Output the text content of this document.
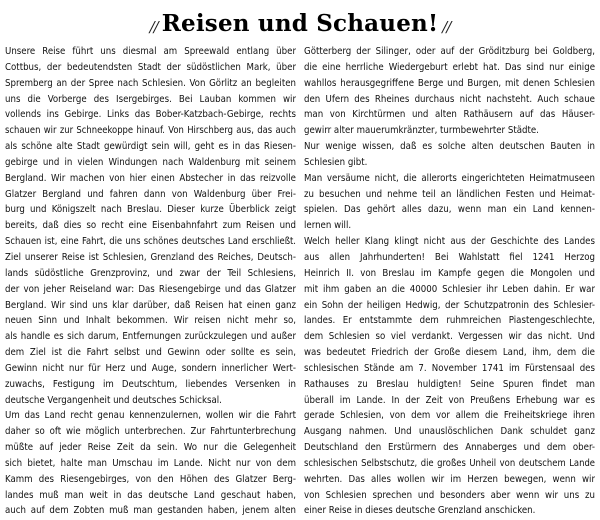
// Reisen und Schauen! //
Unsere Reise führt uns diesmal am Spreewald entlang über
Cottbus, der bedeutendsten Stadt der südöstlichen Mark, über
Spremberg an der Spree nach Schlesien. Von Görlitz an begleiten
uns die Vorberge des Isergebirges. Bei Lauban kommen wir
vollends ins Gebirge. Links das Bober-Katzbach-Gebirge, rechts
schauen wir zur Schneekoppe hinauf. Von Hirschberg aus, das auch
als schöne alte Stadt gewürdigt sein will, geht es in das Riesen-
gebirge und in vielen Windungen nach Waldenburg mit seinem
Bergland. Wir machen von hier einen Abstecher in das reizvolle
Glatzer Bergland und fahren dann von Waldenburg über Frei-
burg und Königszelt nach Breslau. Dieser kurze Überblick zeigt
bereits, daß dies so recht eine Eisenbahnfahrt zum Reisen und
Schauen ist, eine Fahrt, die uns schönes deutsches Land erschließt.
Ziel unserer Reise ist Schlesien, Grenzland des Reiches, Deutsch-
lands südöstliche Grenzprovinz, und zwar der Teil Schlesiens,
der von jeher Reiseland war: Das Riesengebirge und das Glatzer
Bergland. Wir sind uns klar darüber, daß Reisen hat einen ganz
neuen Sinn und Inhalt bekommen. Wir reisen nicht mehr so,
als handle es sich darum, Entfernungen zurückzulegen und außer
dem Ziel ist die Fahrt selbst und Gewinn oder sollte es sein,
Gewinn nicht nur für Herz und Auge, sondern innerlicher Wert-
zuwachs, Festigung im Deutschtum, liebendes Versenken in
deutsche Vergangenheit und deutsches Schicksal.
Um das Land recht genau kennenzulernen, wollen wir die Fahrt
daher so oft wie möglich unterbrechen. Zur Fahrtunterbrechung
müßte auf jeder Reise Zeit da sein. Wo nur die Gelegenheit
sich bietet, halte man Umschau im Lande. Nicht nur von dem
Kamm des Riesengebirges, von den Höhen des Glatzer Berg-
landes muß man weit in das deutsche Land geschaut haben,
auch auf dem Zobten muß man gestanden haben, jenem alten
Götterberg der Silinger, oder auf der Gröditzburg bei Goldberg,
die eine herrliche Wiedergeburt erlebt hat. Das sind nur einige
wahllos herausgegriffene Berge und Burgen, mit denen Schlesien
den Ufern des Rheines durchaus nicht nachsteht. Auch schaue
man von Kirchtürmen und alten Rathäusern auf das Häuser-
gewirr alter mauerumkränzter, turmbewehrter Städte.
Nur wenige wissen, daß es solche alten deutschen Bauten in
Schlesien gibt.
Man versäume nicht, die allerorts eingerichteten Heimatmuseen
zu besuchen und nehme teil an ländlichen Festen und Heimat-
spielen. Das gehört alles dazu, wenn man ein Land kennen-
lernen will.
Welch heller Klang klingt nicht aus der Geschichte des Landes
aus allen Jahrhunderten! Bei Wahlstatt fiel 1241 Herzog
Heinrich II. von Breslau im Kampfe gegen die Mongolen und
mit ihm gaben an die 40000 Schlesier ihr Leben dahin. Er war
ein Sohn der heiligen Hedwig, der Schutzpatronin des Schlesier-
landes. Er entstammte dem ruhmreichen Piastengeschlechte,
dem Schlesien so viel verdankt. Vergessen wir das nicht. Und
was bedeutet Friedrich der Große diesem Land, ihm, dem die
schlesischen Stände am 7. November 1741 im Fürstensaal des
Rathauses zu Breslau huldigten! Seine Spuren findet man
überall im Lande. In der Zeit von Preußens Erhebung war es
gerade Schlesien, von dem vor allem die Freiheitskriege ihren
Ausgang nahmen. Und unauslöschlichen Dank schuldet ganz
Deutschland den Erstürmern des Annaberges und dem ober-
schlesischen Selbstschutz, die großes Unheil von deutschem Lande
wehrten. Das alles wollen wir im Herzen bewegen, wenn wir
von Schlesien sprechen und besonders aber wenn wir uns zu
einer Reise in dieses deutsche Grenzland anschicken.
